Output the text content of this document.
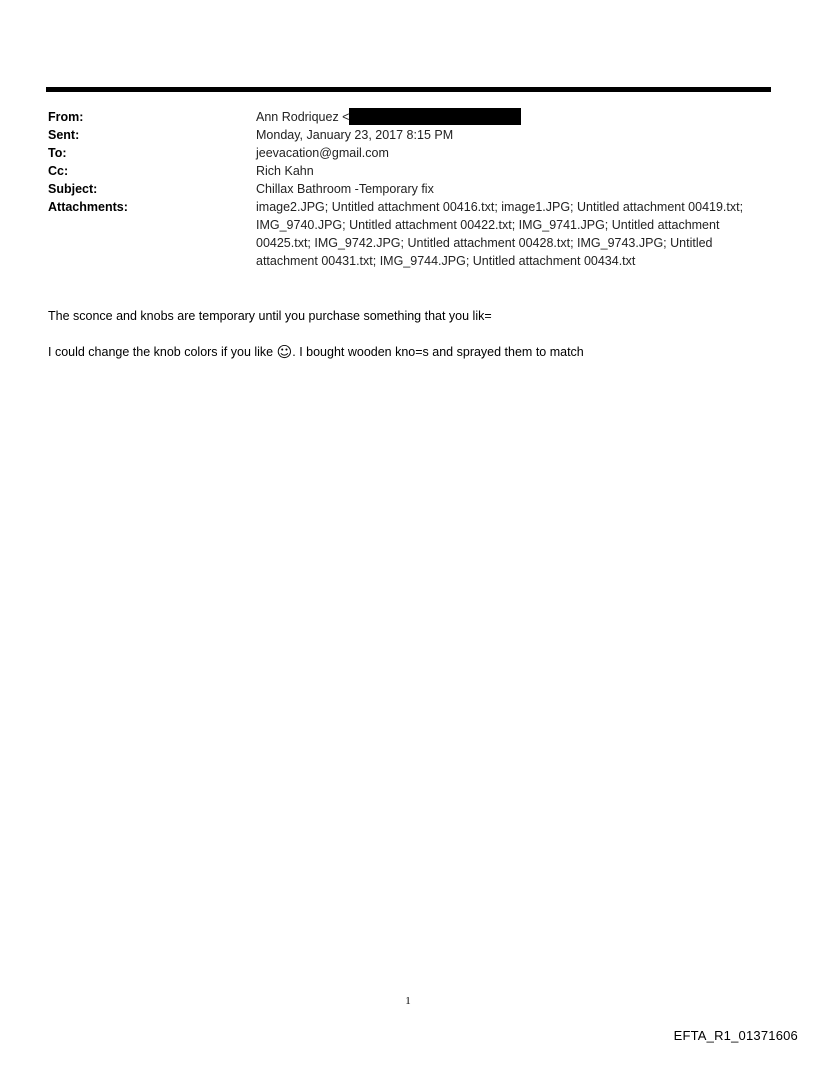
From:	Ann Rodriquez <
Sent:	Monday, January 23, 2017 8:15 PM
To:	jeevacation@gmail.com
Cc:	Rich Kahn
Subject:	Chillax Bathroom -Temporary fix
Attachments:	image2.JPG; Untitled attachment 00416.txt; image1.JPG; Untitled attachment 00419.txt; IMG_9740.JPG; Untitled attachment 00422.txt; IMG_9741.JPG; Untitled attachment 00425.txt; IMG_9742.JPG; Untitled attachment 00428.txt; IMG_9743.JPG; Untitled attachment 00431.txt; IMG_9744.JPG; Untitled attachment 00434.txt
The sconce and knobs are temporary until you purchase something that you lik=
I could change the knob colors if you like ☺. I bought wooden kno=s and sprayed them to match
1
EFTA_R1_01371606
